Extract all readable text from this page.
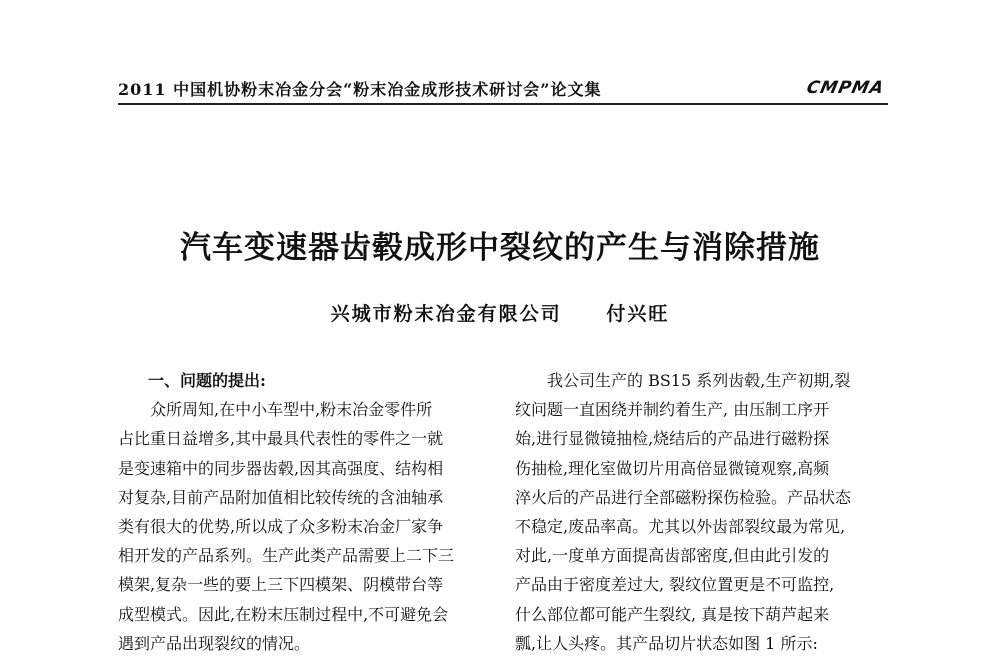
2011 中国机协粉末冶金分会“粉末冶金成形技术研讨会”论文集	CMPMA
汽车变速器齿毂成形中裂纹的产生与消除措施
兴城市粉末冶金有限公司 付兴旺
一、问题的提出:
众所周知,在中小车型中,粉末冶金零件所
占比重日益增多,其中最具代表性的零件之一就
是变速箱中的同步器齿毂,因其高强度、结构相
对复杂,目前产品附加值相比较传统的含油轴承
类有很大的优势,所以成了众多粉末冶金厂家争
相开发的产品系列。生产此类产品需要上二下三
模架,复杂一些的要上三下四模架、阴模带台等
成型模式。因此,在粉末压制过程中,不可避免会
遇到产品出现裂纹的情况。
我公司生产的 BS15 系列齿毂,生产初期,裂
纹问题一直困绕并制约着生产, 由压制工序开
始,进行显微镜抽检,烧结后的产品进行磁粉探
伤抽检,理化室做切片用高倍显微镜观察,高频
淬火后的产品进行全部磁粉探伤检验。产品状态
不稳定,废品率高。尤其以外齿部裂纹最为常见,
对此,一度单方面提高齿部密度,但由此引发的
产品由于密度差过大, 裂纹位置更是不可监控,
什么部位都可能产生裂纹, 真是按下葫芦起来
瓢,让人头疼。其产品切片状态如图 1 所示:
